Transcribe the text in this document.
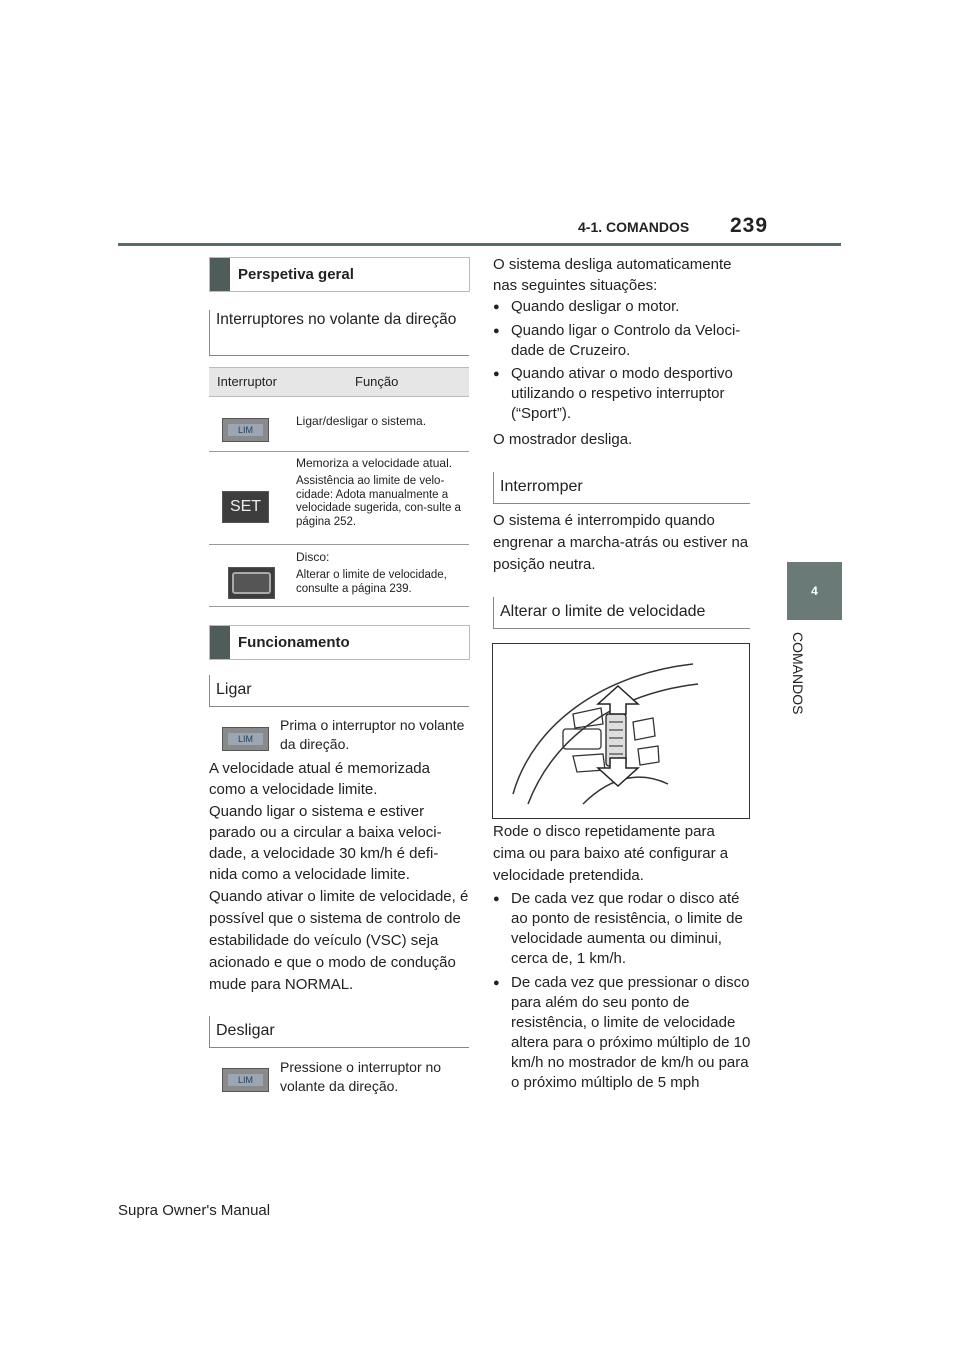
4-1. COMANDOS 239
4
COMANDOS
Perspetiva geral
Interruptores no volante da direção
Interruptor	Função
LIM
Ligar/desligar o sistema.
SET
Memoriza a velocidade atual.
Assistência ao limite de velo-cidade: Adota manualmente a velocidade sugerida, con-sulte a página 252.
Disco:
Alterar o limite de velocidade, consulte a página 239.
Funcionamento
Ligar
LIM
Prima o interruptor no volante da direção.
A velocidade atual é memorizada como a velocidade limite.
Quando ligar o sistema e estiver parado ou a circular a baixa veloci-dade, a velocidade 30 km/h é defi-nida como a velocidade limite.
Quando ativar o limite de velocidade, é possível que o sistema de controlo de estabilidade do veículo (VSC) seja acionado e que o modo de condução mude para NORMAL.
Desligar
LIM
Pressione o interruptor no volante da direção.
O sistema desliga automaticamente nas seguintes situações:
● Quando desligar o motor.
● Quando ligar o Controlo da Veloci-dade de Cruzeiro.
● Quando ativar o modo desportivo utilizando o respetivo interruptor (“Sport”).
O mostrador desliga.
Interromper
O sistema é interrompido quando engrenar a marcha-atrás ou estiver na posição neutra.
Alterar o limite de velocidade
Rode o disco repetidamente para cima ou para baixo até configurar a velocidade pretendida.
● De cada vez que rodar o disco até ao ponto de resistência, o limite de velocidade aumenta ou diminui, cerca de, 1 km/h.
● De cada vez que pressionar o disco para além do seu ponto de resistência, o limite de velocidade altera para o próximo múltiplo de 10 km/h no mostrador de km/h ou para o próximo múltiplo de 5 mph
Supra Owner's Manual
